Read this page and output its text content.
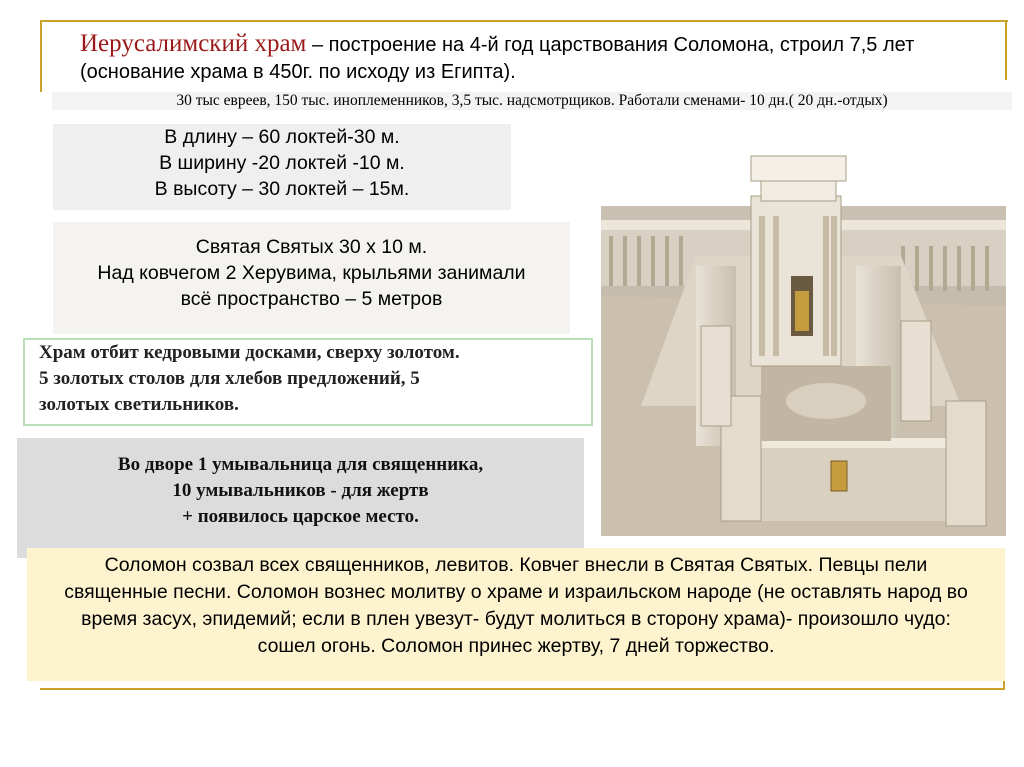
Иерусалимский храм – построение на 4-й год царствования Соломона, строил 7,5 лет (основание храма в 450г. по исходу из Египта).
30 тыс евреев, 150 тыс. иноплеменников, 3,5 тыс. надсмотрщиков. Работали сменами- 10 дн.( 20 дн.-отдых)
В длину – 60 локтей-30 м.
В ширину -20 локтей -10 м.
В высоту – 30 локтей – 15м.
Святая Святых 30 х 10 м.
Над ковчегом 2 Херувима, крыльями занимали
всё пространство – 5 метров
Храм отбит кедровыми досками, сверху золотом.
5 золотых столов для хлебов предложений, 5
золотых светильников.
Во дворе 1 умывальница для священника,
10 умывальников - для жертв
+ появилось царское место.
Соломон созвал всех священников, левитов. Ковчег внесли в Святая Святых. Певцы пели священные песни. Соломон вознес молитву о храме и израильском народе (не оставлять народ во время засух, эпидемий; если в плен увезут- будут молиться в сторону храма)- произошло чудо: сошел огонь. Соломон принес жертву, 7 дней торжество.
